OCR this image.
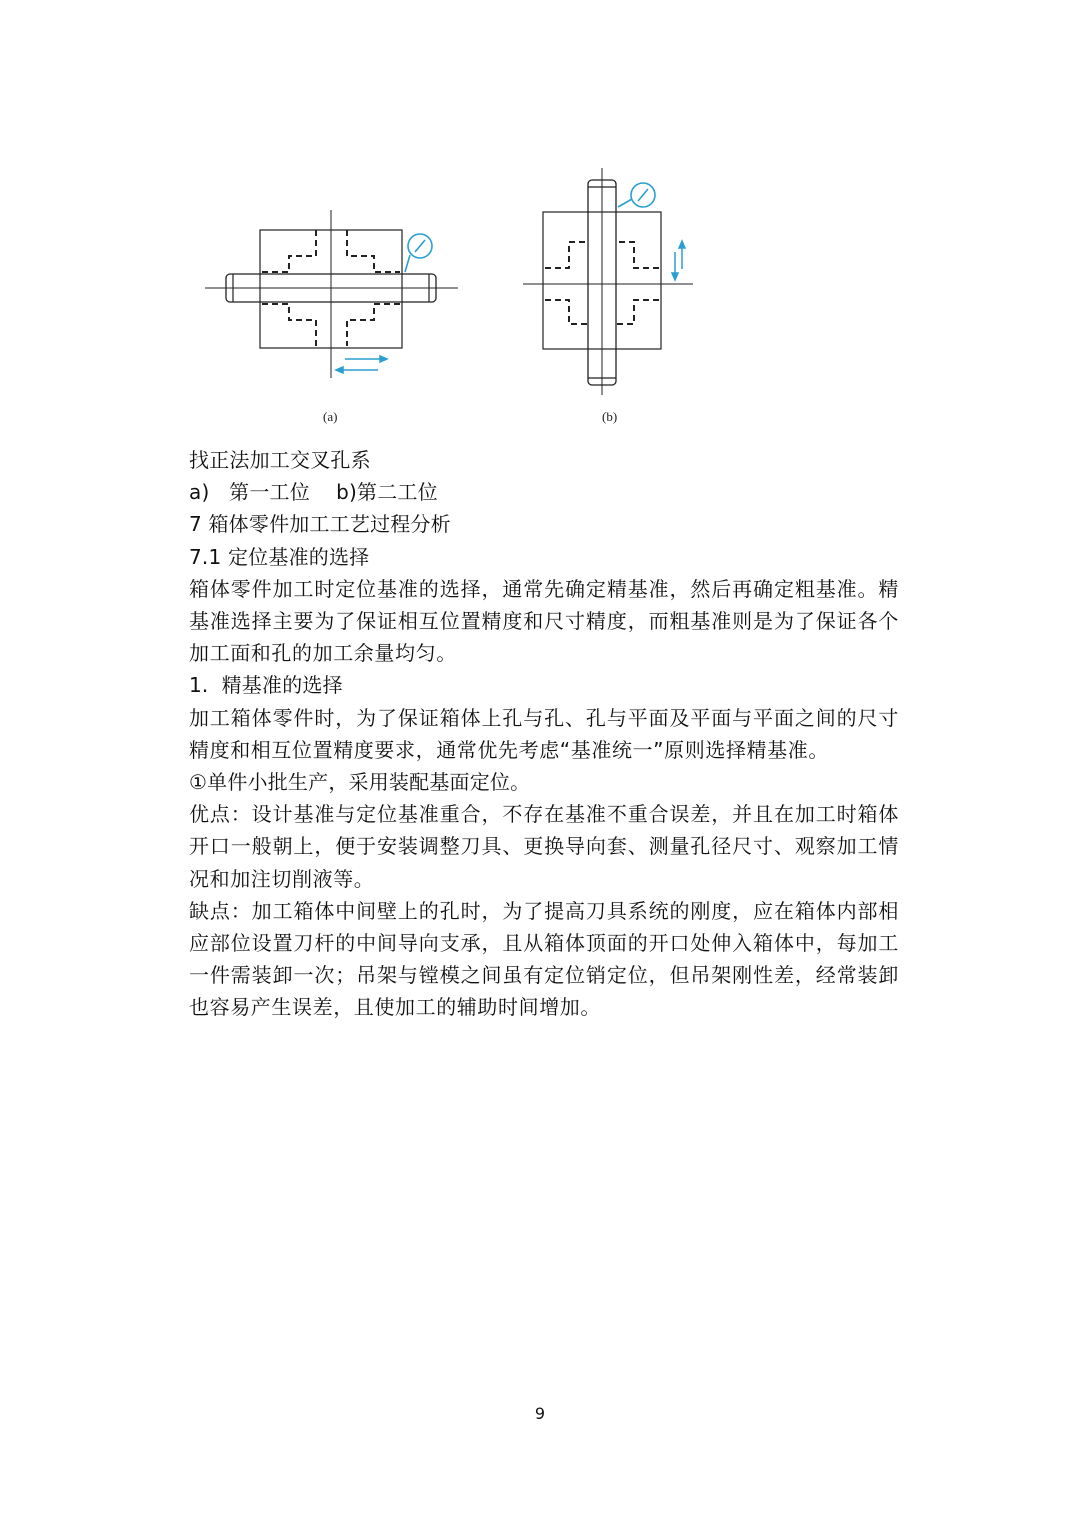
(a)	(b)
找正法加工交叉孔系
a)   第一工位    b)第二工位
7 箱体零件加工工艺过程分析
7.1 定位基准的选择
箱体零件加工时定位基准的选择，通常先确定精基准，然后再确定粗基准。精基准选择主要为了保证相互位置精度和尺寸精度，而粗基准则是为了保证各个加工面和孔的加工余量均匀。
1.  精基准的选择
加工箱体零件时，为了保证箱体上孔与孔、孔与平面及平面与平面之间的尺寸精度和相互位置精度要求，通常优先考虑“基准统一”原则选择精基准。
①单件小批生产，采用装配基面定位。
优点：设计基准与定位基准重合，不存在基准不重合误差，并且在加工时箱体开口一般朝上，便于安装调整刀具、更换导向套、测量孔径尺寸、观察加工情况和加注切削液等。
缺点：加工箱体中间壁上的孔时，为了提高刀具系统的刚度，应在箱体内部相应部位设置刀杆的中间导向支承，且从箱体顶面的开口处伸入箱体中，每加工一件需装卸一次；吊架与镗模之间虽有定位销定位，但吊架刚性差，经常装卸也容易产生误差，且使加工的辅助时间增加。
9
